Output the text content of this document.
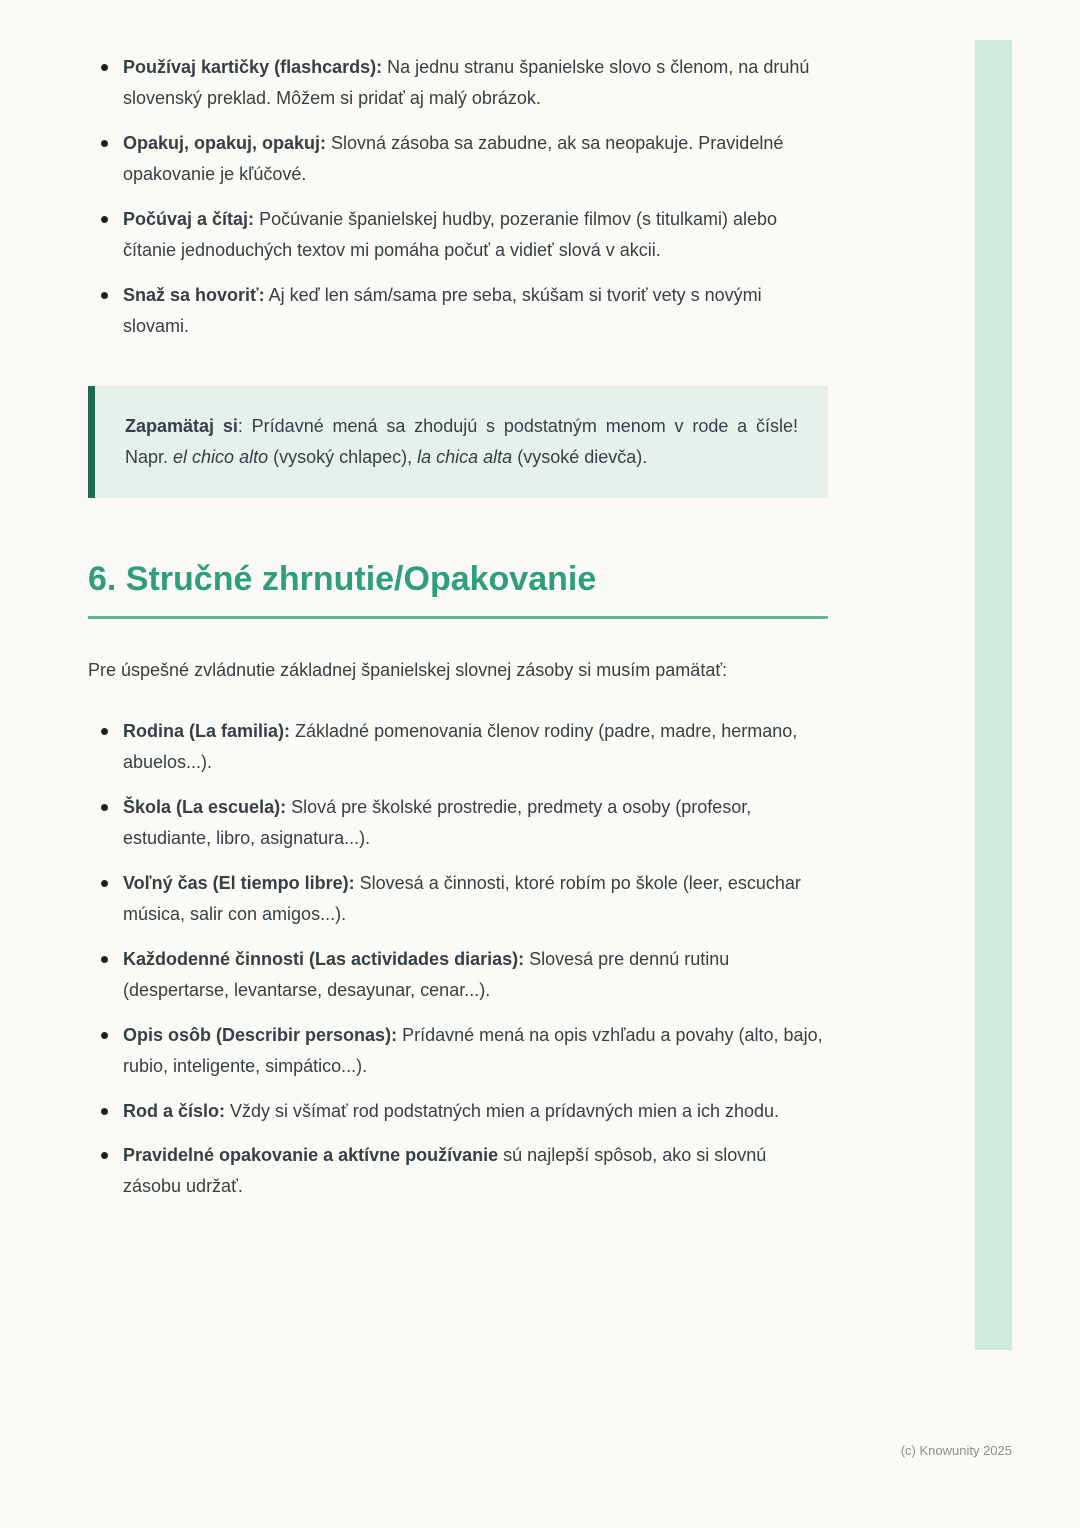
Používaj kartičky (flashcards): Na jednu stranu španielske slovo s členom, na druhú slovenský preklad. Môžem si pridať aj malý obrázok.
Opakuj, opakuj, opakuj: Slovná zásoba sa zabudne, ak sa neopakuje. Pravidelné opakovanie je kľúčové.
Počúvaj a čítaj: Počúvanie španielskej hudby, pozeranie filmov (s titulkami) alebo čítanie jednoduchých textov mi pomáha počuť a vidieť slová v akcii.
Snaž sa hovoriť: Aj keď len sám/sama pre seba, skúšam si tvoriť vety s novými slovami.

Zapamätaj si: Prídavné mená sa zhodujú s podstatným menom v rode a čísle! Napr. el chico alto (vysoký chlapec), la chica alta (vysoké dievča).

6. Stručné zhrnutie/Opakovanie

Pre úspešné zvládnutie základnej španielskej slovnej zásoby si musím pamätať:

Rodina (La familia): Základné pomenovania členov rodiny (padre, madre, hermano, abuelos...).
Škola (La escuela): Slová pre školské prostredie, predmety a osoby (profesor, estudiante, libro, asignatura...).
Voľný čas (El tiempo libre): Slovesá a činnosti, ktoré robím po škole (leer, escuchar música, salir con amigos...).
Každodenné činnosti (Las actividades diarias): Slovesá pre dennú rutinu (despertarse, levantarse, desayunar, cenar...).
Opis osôb (Describir personas): Prídavné mená na opis vzhľadu a povahy (alto, bajo, rubio, inteligente, simpático...).
Rod a číslo: Vždy si všímať rod podstatných mien a prídavných mien a ich zhodu.
Pravidelné opakovanie a aktívne používanie sú najlepší spôsob, ako si slovnú zásobu udržať.
(c) Knowunity 2025
